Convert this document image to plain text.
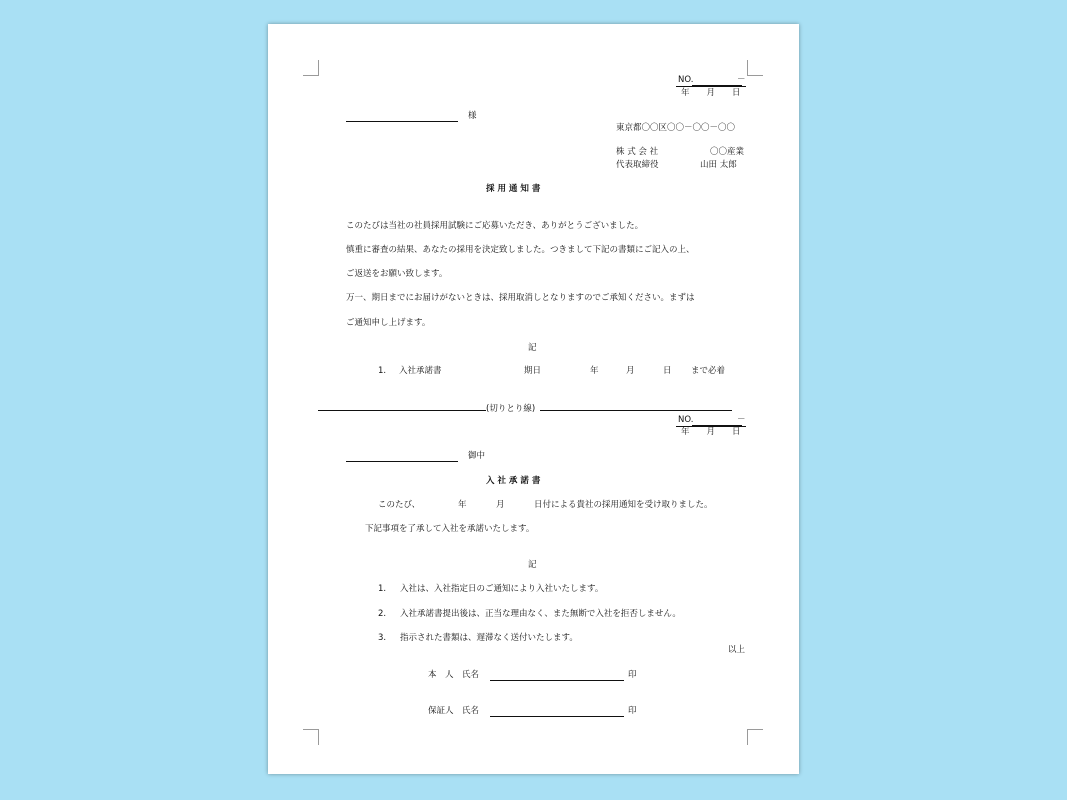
NO.	－
年　　月　　日
様
東京都〇〇区〇〇－〇〇－〇〇
株 式 会 社	〇〇産業
代表取締役	山田 太郎
採 用 通 知 書
このたびは当社の社員採用試験にご応募いただき、ありがとうございました。
慎重に審査の結果、あなたの採用を決定致しました。つきまして下記の書類にご記入の上、
ご返送をお願い致します。
万一、期日までにお届けがないときは、採用取消しとなりますのでご承知ください。まずは
ご通知申し上げます。
記
1. 入社承諾書	期日	年	月	日 まで必着
(切りとり線)
NO.	－
年　　月　　日
御中
入 社 承 諾 書
このたび、	年	月	日付による貴社の採用通知を受け取りました。
下記事項を了承して入社を承諾いたします。
記
1. 入社は、入社指定日のご通知により入社いたします。
2. 入社承諾書提出後は、正当な理由なく、また無断で入社を拒否しません。
3. 指示された書類は、遅滞なく送付いたします。
以上
本　人　氏名	印
保証人　氏名	印
